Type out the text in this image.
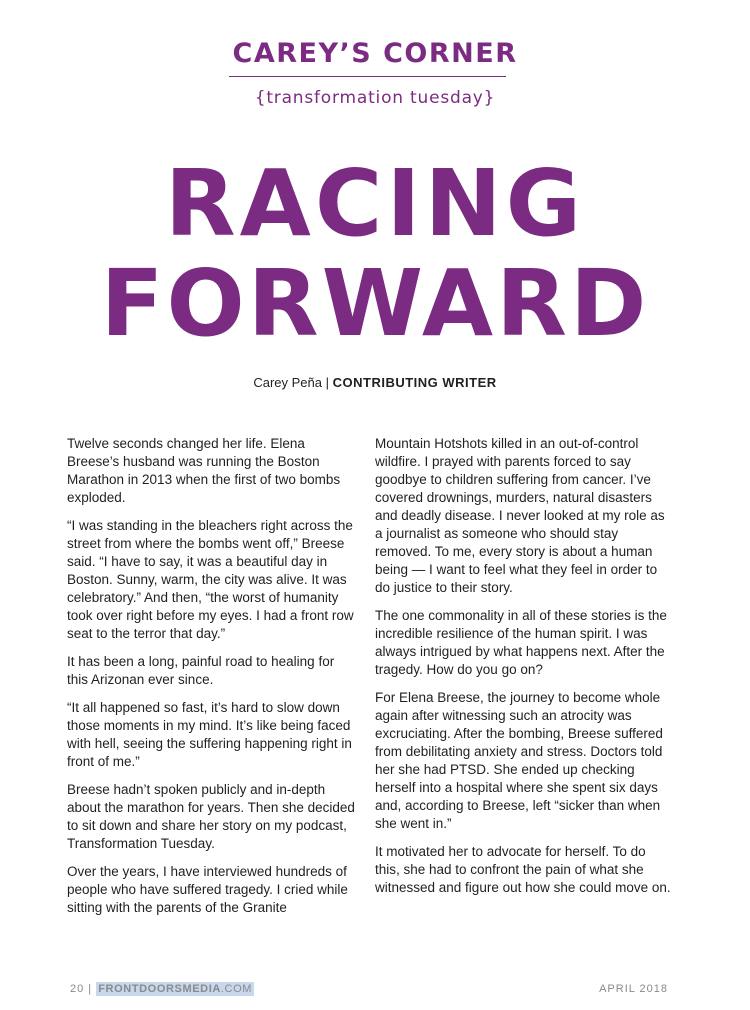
CAREY’S CORNER
{transformation tuesday}
RACING
FORWARD
Carey Peña | CONTRIBUTING WRITER

Twelve seconds changed her life. Elena Breese’s husband was running the Boston Marathon in 2013 when the first of two bombs exploded.

“I was standing in the bleachers right across the street from where the bombs went off,” Breese said. “I have to say, it was a beautiful day in Boston. Sunny, warm, the city was alive. It was celebratory.” And then, “the worst of humanity took over right before my eyes. I had a front row seat to the terror that day.”

It has been a long, painful road to healing for this Arizonan ever since.

“It all happened so fast, it’s hard to slow down those moments in my mind. It’s like being faced with hell, seeing the suffering happening right in front of me.”

Breese hadn’t spoken publicly and in-depth about the marathon for years. Then she decided to sit down and share her story on my podcast, Transformation Tuesday.

Over the years, I have interviewed hundreds of people who have suffered tragedy. I cried while sitting with the parents of the Granite

Mountain Hotshots killed in an out-of-control wildfire. I prayed with parents forced to say goodbye to children suffering from cancer. I’ve covered drownings, murders, natural disasters and deadly disease. I never looked at my role as a journalist as someone who should stay removed. To me, every story is about a human being — I want to feel what they feel in order to do justice to their story.

The one commonality in all of these stories is the incredible resilience of the human spirit. I was always intrigued by what happens next. After the tragedy. How do you go on?

For Elena Breese, the journey to become whole again after witnessing such an atrocity was excruciating. After the bombing, Breese suffered from debilitating anxiety and stress. Doctors told her she had PTSD. She ended up checking herself into a hospital where she spent six days and, according to Breese, left “sicker than when she went in.”

It motivated her to advocate for herself. To do this, she had to confront the pain of what she witnessed and figure out how she could move on.

20 | FRONTDOORSMEDIA.COM	APRIL 2018
